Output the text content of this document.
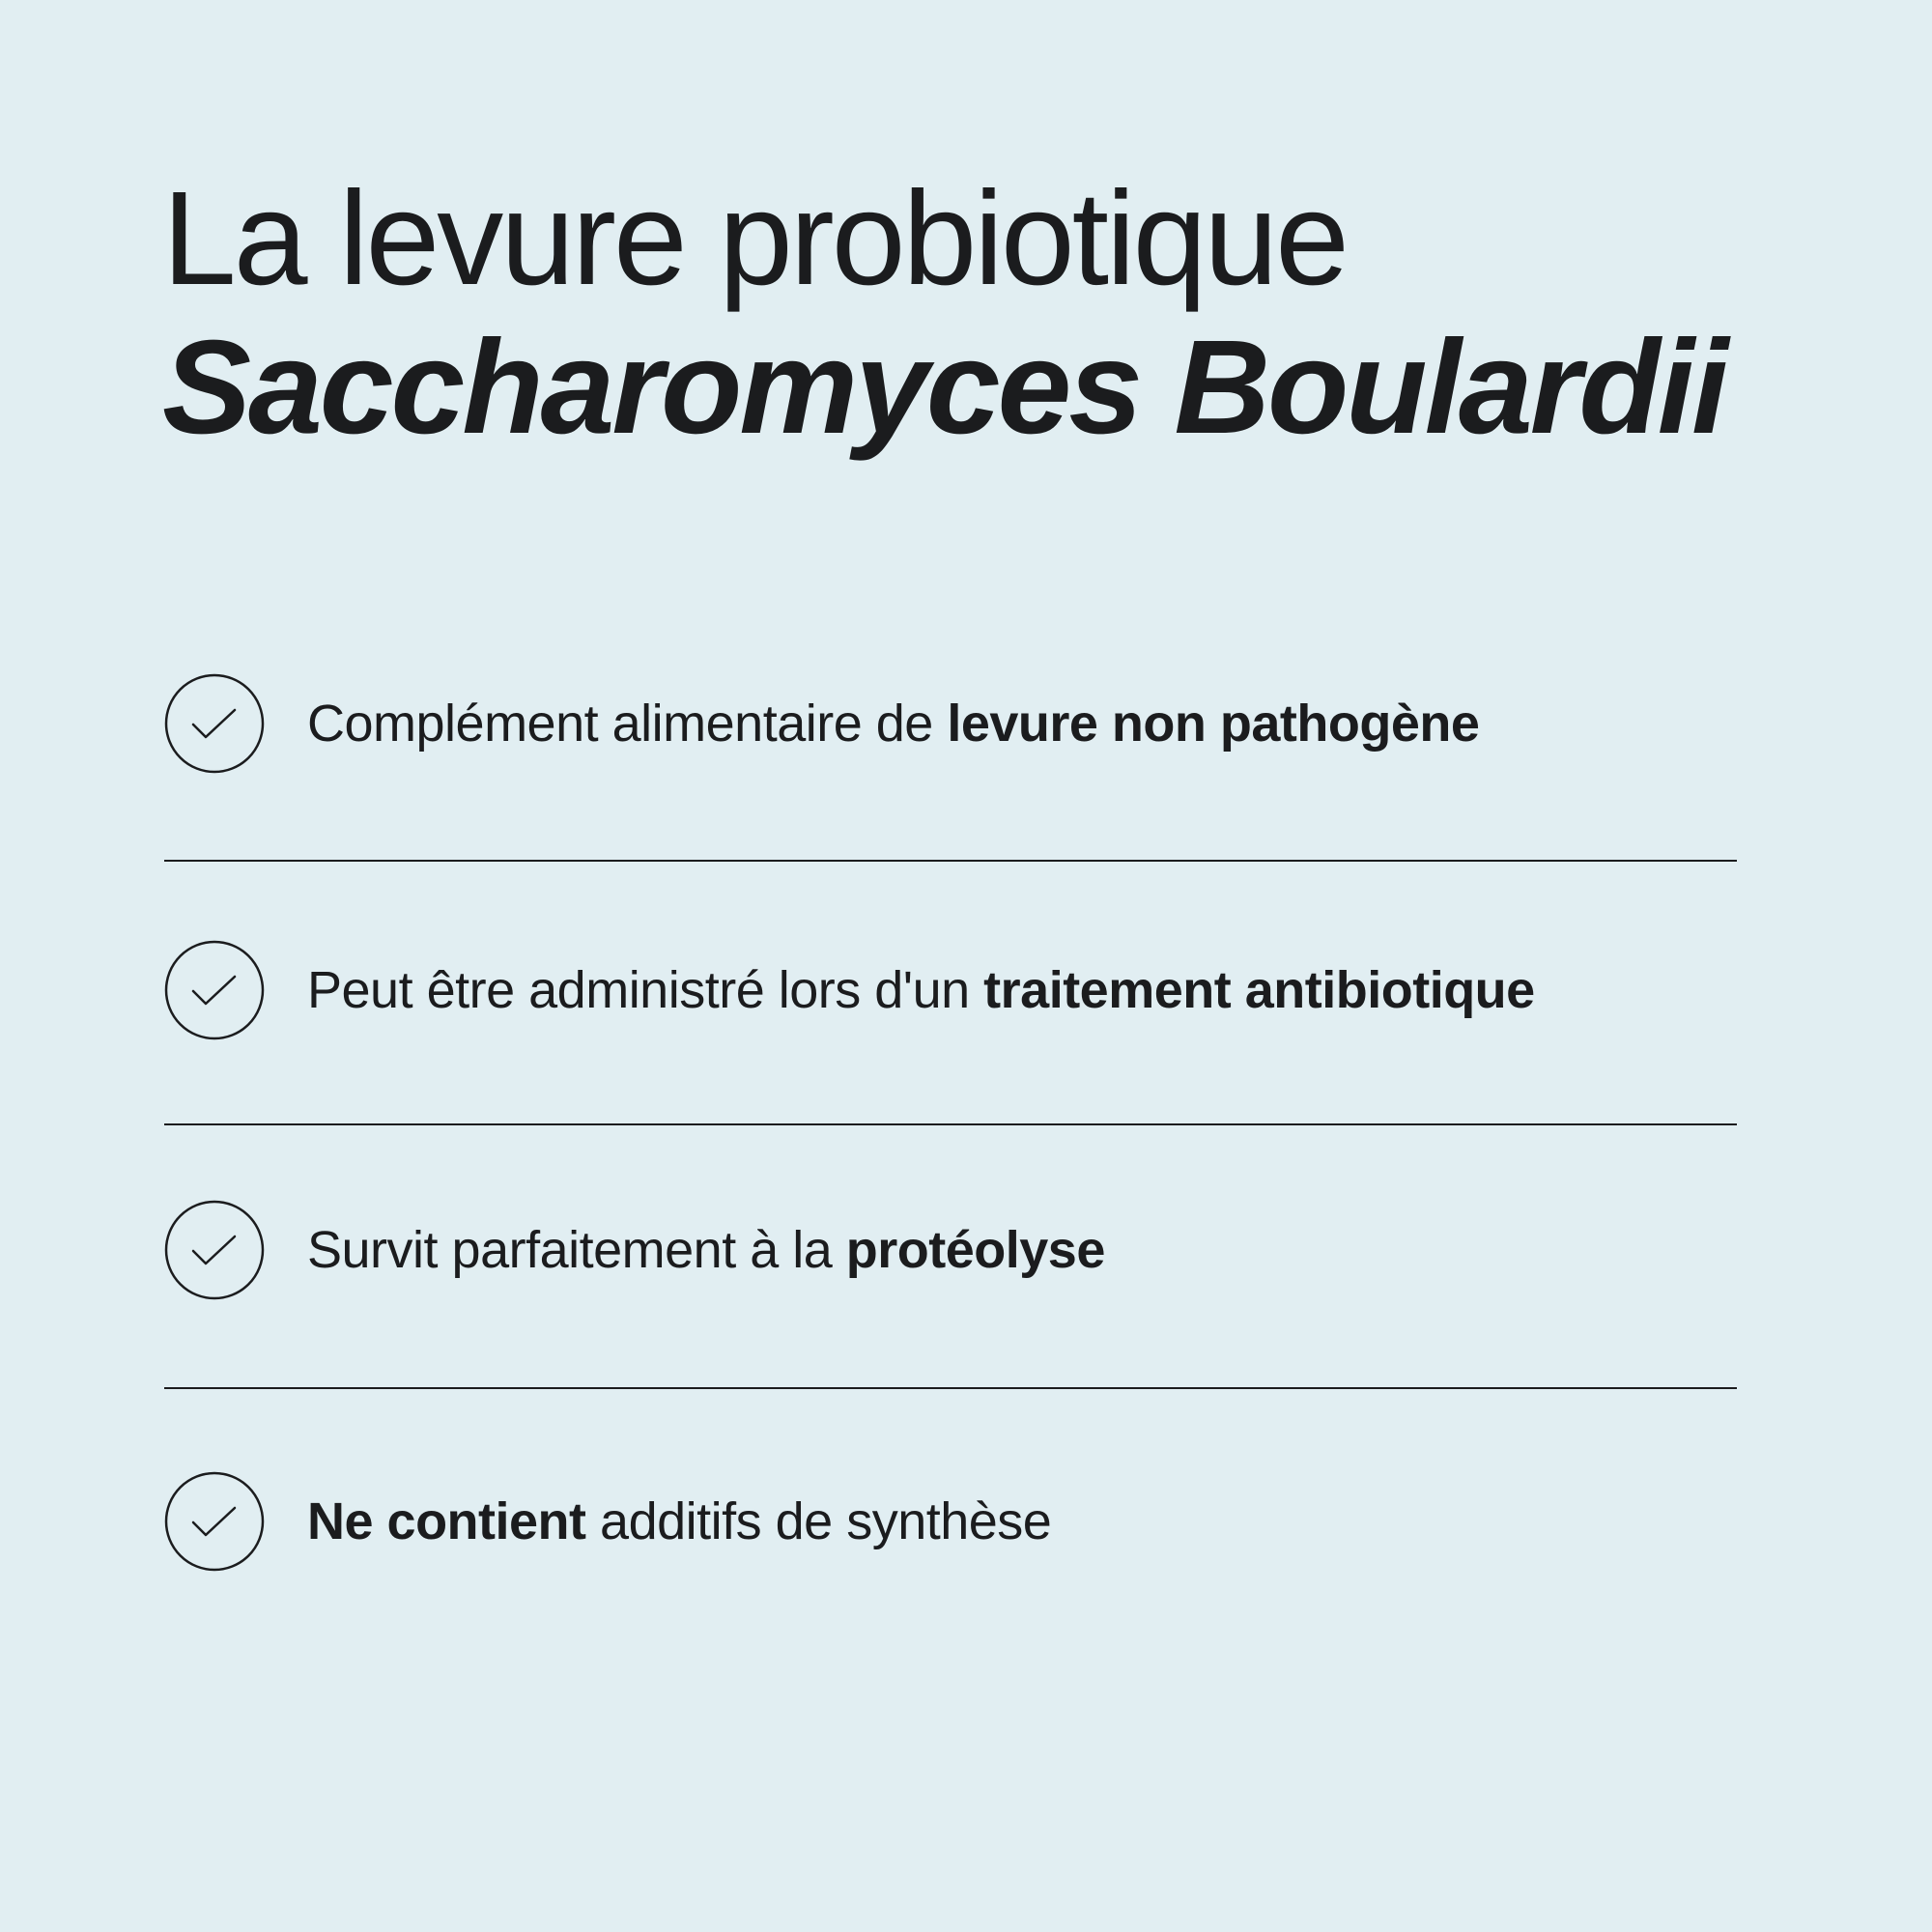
La levure probiotique
Saccharomyces Boulardii
Complément alimentaire de levure non pathogène
Peut être administré lors d'un traitement antibiotique
Survit parfaitement à la protéolyse
Ne contient additifs de synthèse
